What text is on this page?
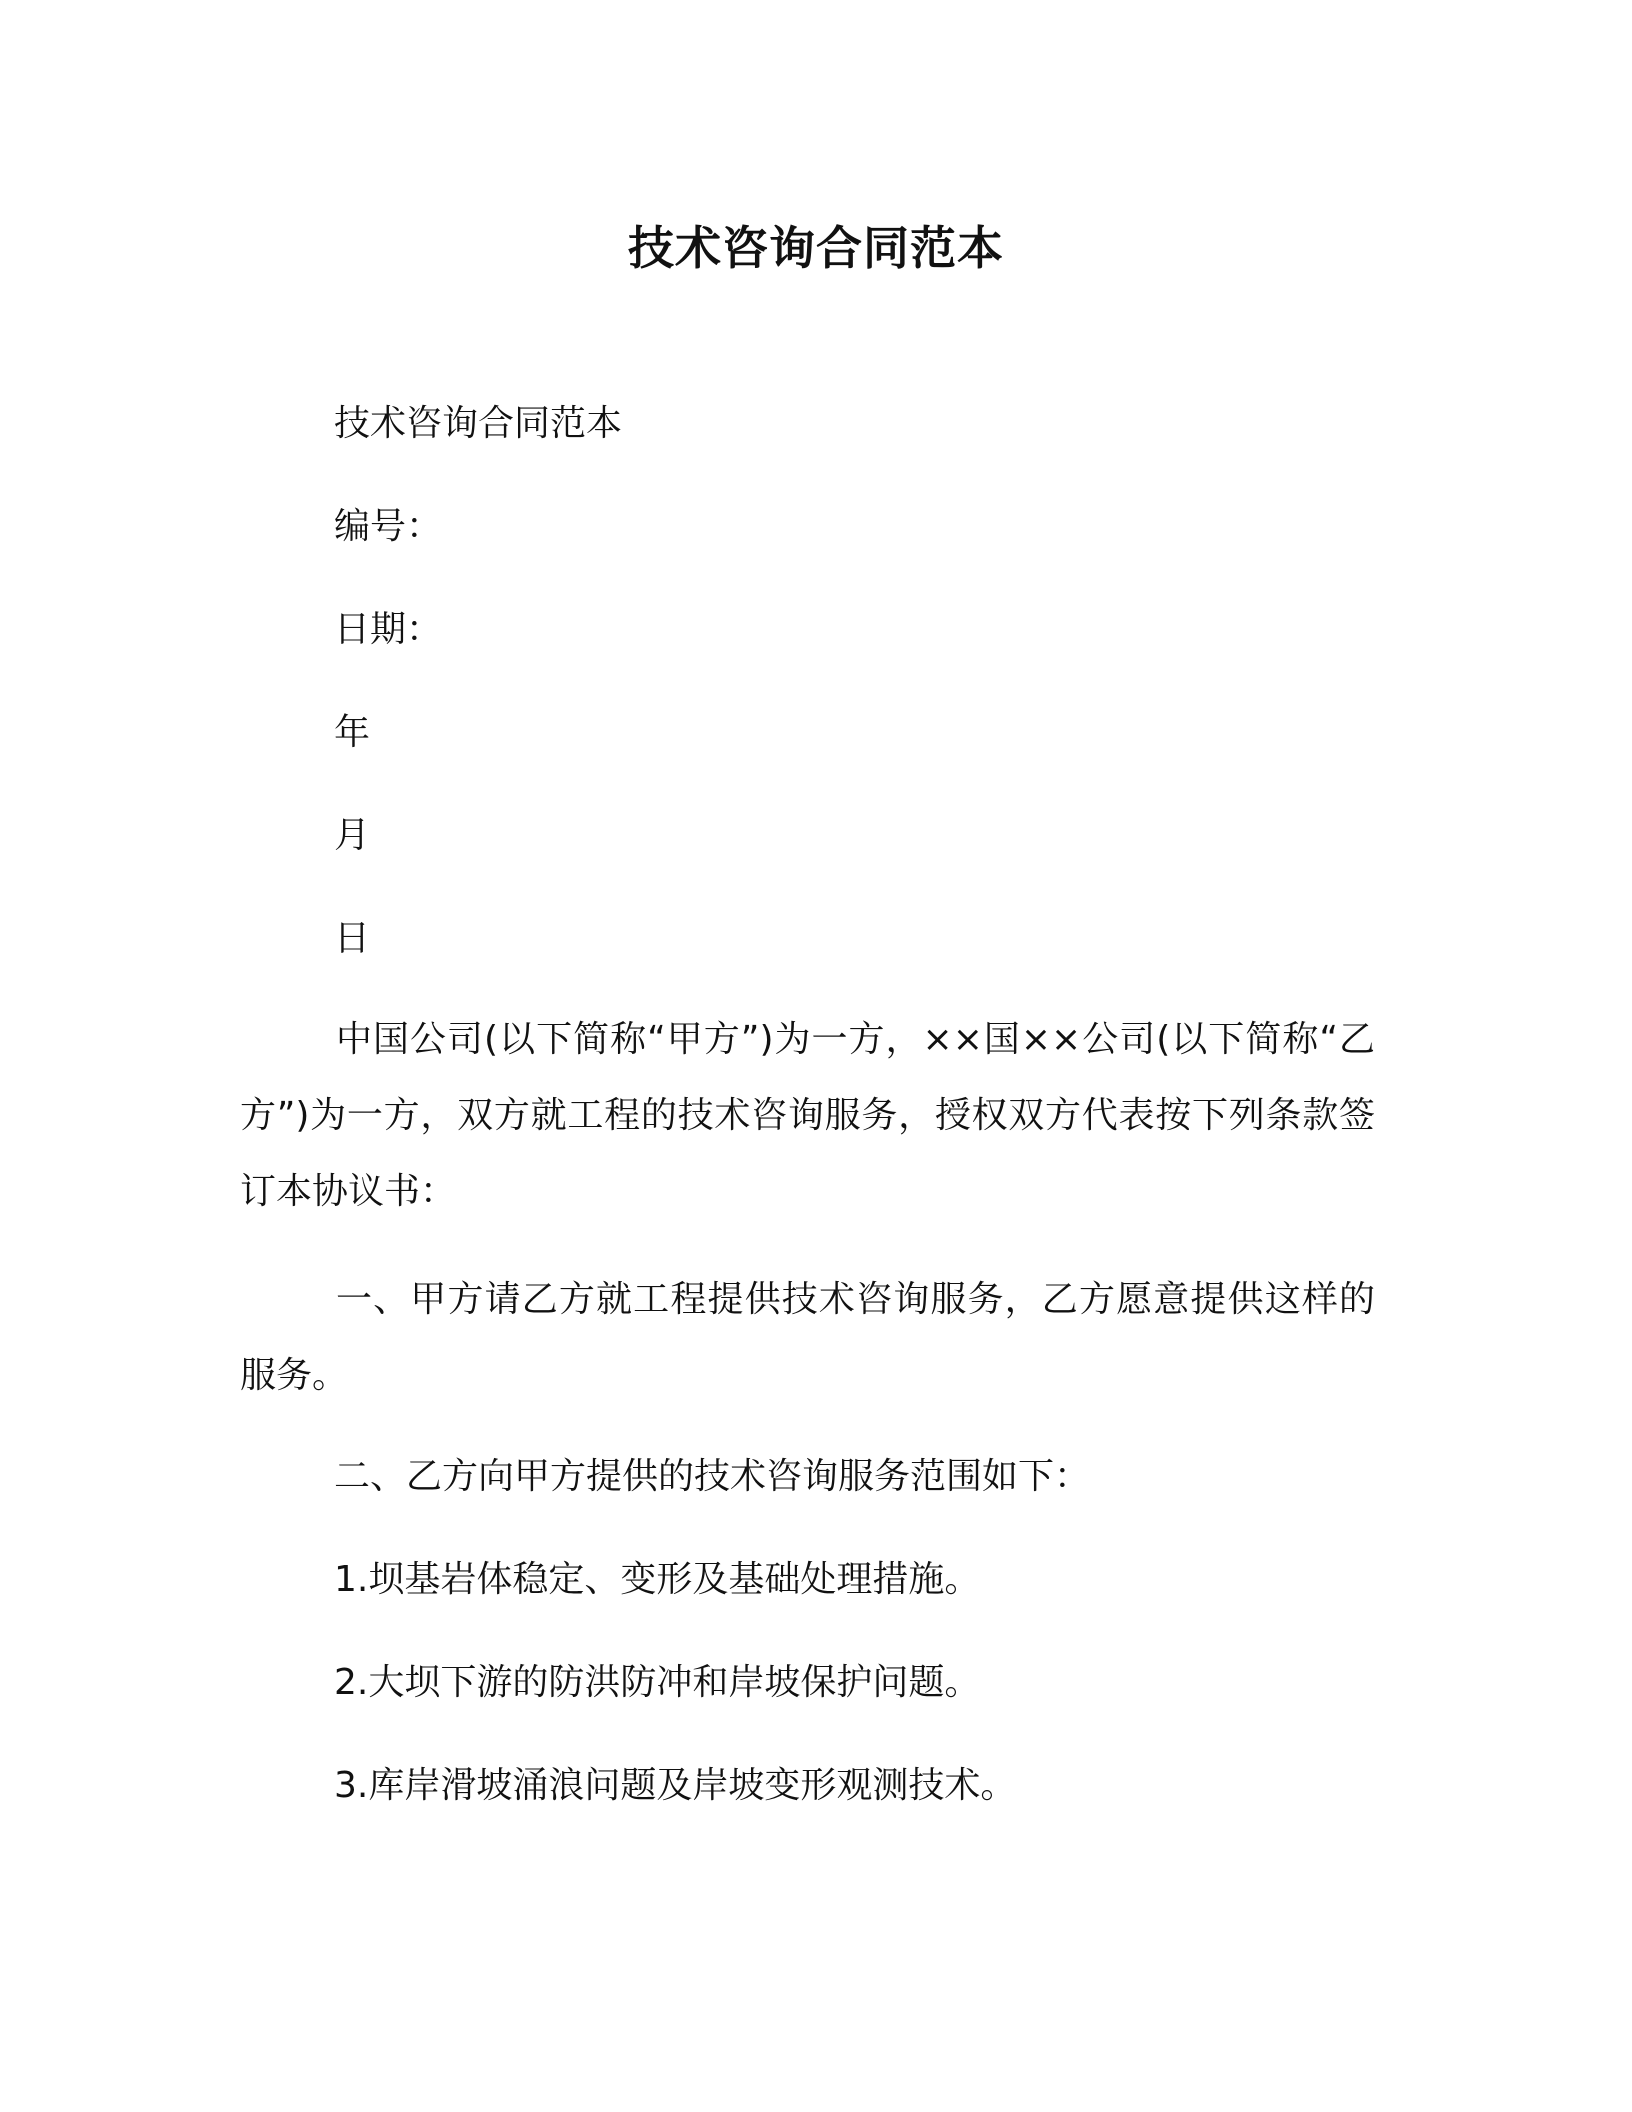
技术咨询合同范本
技术咨询合同范本
编号：
日期：
年
月
日
中国公司(以下简称“甲方”)为一方，××国××公司(以下简称“乙方”)为一方，双方就工程的技术咨询服务，授权双方代表按下列条款签订本协议书：
一、甲方请乙方就工程提供技术咨询服务，乙方愿意提供这样的服务。
二、乙方向甲方提供的技术咨询服务范围如下：
1.坝基岩体稳定、变形及基础处理措施。
2.大坝下游的防洪防冲和岸坡保护问题。
3.库岸滑坡涌浪问题及岸坡变形观测技术。
